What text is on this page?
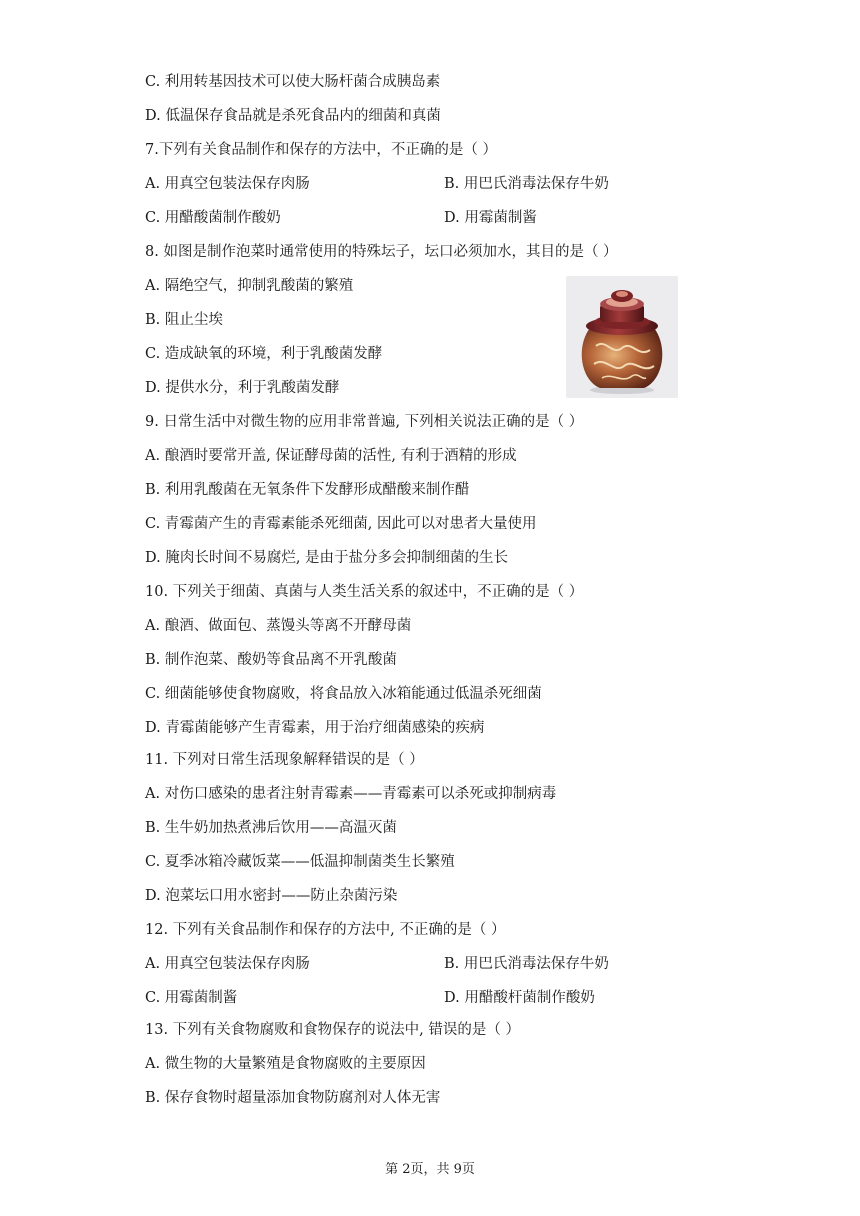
C. 利用转基因技术可以使大肠杆菌合成胰岛素
D. 低温保存食品就是杀死食品内的细菌和真菌
7.下列有关食品制作和保存的方法中，不正确的是（ ）
A. 用真空包装法保存肉肠	B. 用巴氏消毒法保存牛奶
C. 用醋酸菌制作酸奶	D. 用霉菌制酱
8. 如图是制作泡菜时通常使用的特殊坛子，坛口必须加水，其目的是（ ）
A. 隔绝空气，抑制乳酸菌的繁殖
B. 阻止尘埃
C. 造成缺氧的环境，利于乳酸菌发酵
D. 提供水分，利于乳酸菌发酵
9. 日常生活中对微生物的应用非常普遍, 下列相关说法正确的是（ ）
A. 酿酒时要常开盖, 保证酵母菌的活性, 有利于酒精的形成
B. 利用乳酸菌在无氧条件下发酵形成醋酸来制作醋
C. 青霉菌产生的青霉素能杀死细菌, 因此可以对患者大量使用
D. 腌肉长时间不易腐烂, 是由于盐分多会抑制细菌的生长
10. 下列关于细菌、真菌与人类生活关系的叙述中，不正确的是（ ）
A. 酿酒、做面包、蒸馒头等离不开酵母菌
B. 制作泡菜、酸奶等食品离不开乳酸菌
C. 细菌能够使食物腐败，将食品放入冰箱能通过低温杀死细菌
D. 青霉菌能够产生青霉素，用于治疗细菌感染的疾病
11. 下列对日常生活现象解释错误的是（ ）
A. 对伤口感染的患者注射青霉素——青霉素可以杀死或抑制病毒
B. 生牛奶加热煮沸后饮用——高温灭菌
C. 夏季冰箱冷藏饭菜——低温抑制菌类生长繁殖
D. 泡菜坛口用水密封——防止杂菌污染
12. 下列有关食品制作和保存的方法中, 不正确的是（ ）
A. 用真空包装法保存肉肠	B. 用巴氏消毒法保存牛奶
C. 用霉菌制酱	D. 用醋酸杆菌制作酸奶
13. 下列有关食物腐败和食物保存的说法中, 错误的是（ ）
A. 微生物的大量繁殖是食物腐败的主要原因
B. 保存食物时超量添加食物防腐剂对人体无害
第 2页，共 9页
